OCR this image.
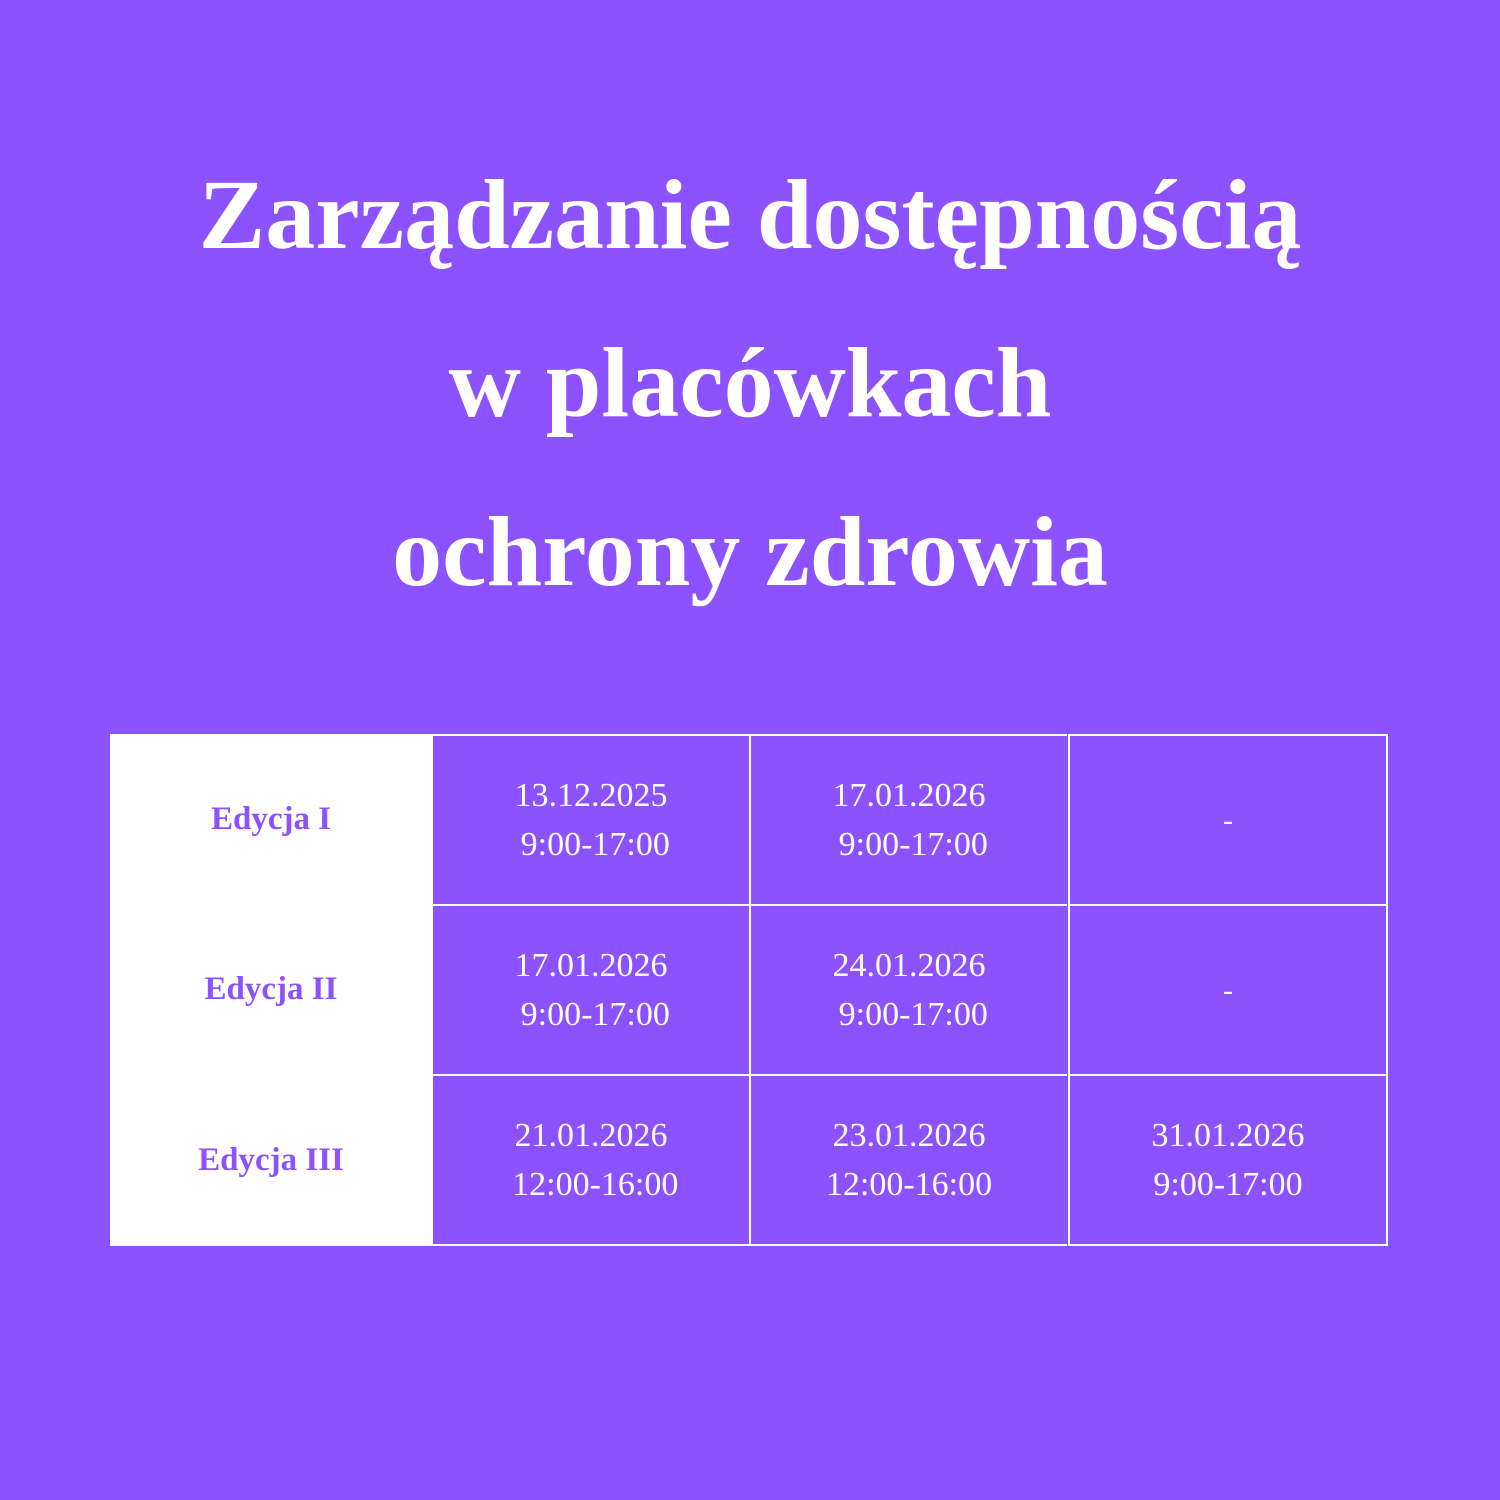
Zarządzanie dostępnością
w placówkach
ochrony zdrowia
Edycja I
13.12.2025
9:00-17:00
17.01.2026
9:00-17:00
-
Edycja II
17.01.2026
9:00-17:00
24.01.2026
9:00-17:00
-
Edycja III
21.01.2026
12:00-16:00
23.01.2026
12:00-16:00
31.01.2026
9:00-17:00
